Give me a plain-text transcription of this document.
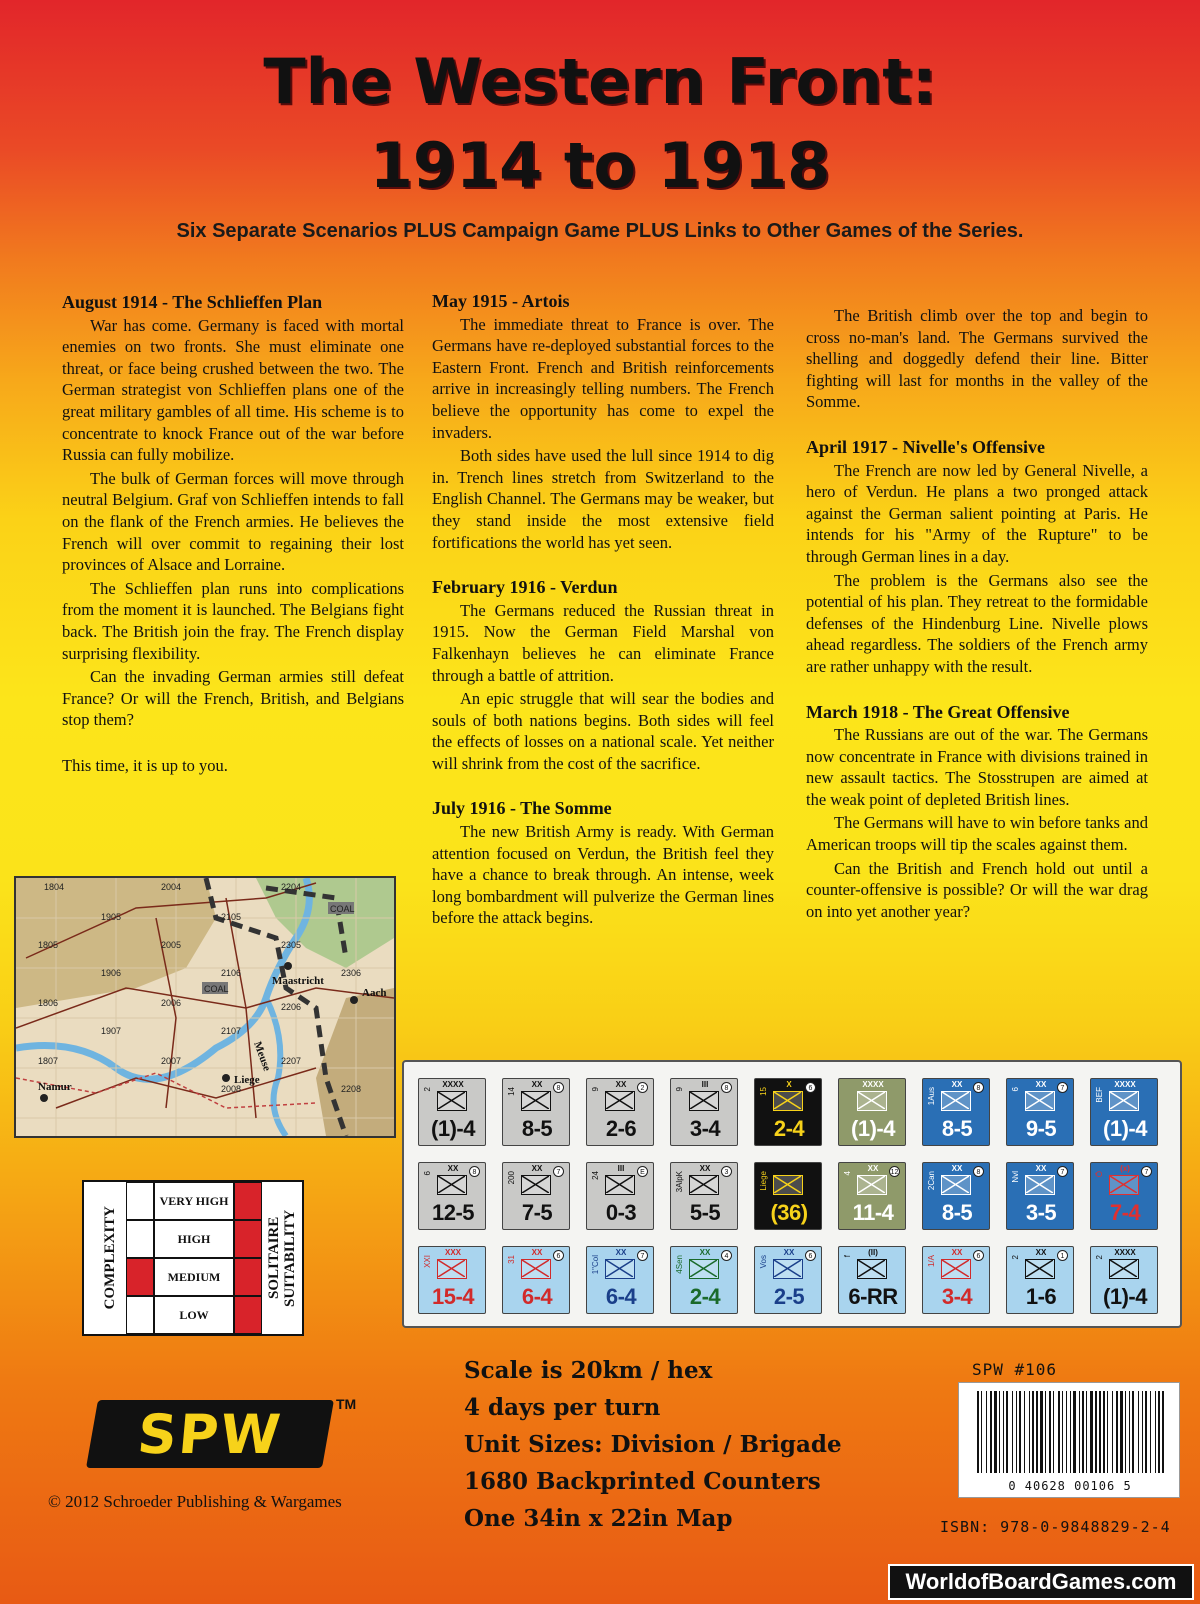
The Western Front:
1914 to 1918
Six Separate Scenarios PLUS Campaign Game PLUS Links to Other Games of the Series.
August 1914 - The Schlieffen Plan

War has come. Germany is faced with mortal enemies on two fronts. She must eliminate one threat, or face being crushed between the two. The German strategist von Schlieffen plans one of the great military gambles of all time. His scheme is to concentrate to knock France out of the war before Russia can fully mobilize.

The bulk of German forces will move through neutral Belgium. Graf von Schlieffen intends to fall on the flank of the French armies. He believes the French will over commit to regaining their lost provinces of Alsace and Lorraine.

The Schlieffen plan runs into complications from the moment it is launched. The Belgians fight back. The British join the fray. The French display surprising flexibility.

Can the invading German armies still defeat France? Or will the French, British, and Belgians stop them?

This time, it is up to you.

May 1915 - Artois

The immediate threat to France is over. The Germans have re-deployed substantial forces to the Eastern Front. French and British reinforcements arrive in increasingly telling numbers. The French believe the opportunity has come to expel the invaders.

Both sides have used the lull since 1914 to dig in. Trench lines stretch from Switzerland to the English Channel. The Germans may be weaker, but they stand inside the most extensive field fortifications the world has yet seen.

February 1916 - Verdun

The Germans reduced the Russian threat in 1915. Now the German Field Marshal von Falkenhayn believes he can eliminate France through a battle of attrition.

An epic struggle that will sear the bodies and souls of both nations begins. Both sides will feel the effects of losses on a national scale. Yet neither will shrink from the cost of the sacrifice.

July 1916 - The Somme

The new British Army is ready. With German attention focused on Verdun, the British feel they have a chance to break through. An intense, week long bombardment will pulverize the German lines before the attack begins.

The British climb over the top and begin to cross no-man's land. The Germans survived the shelling and doggedly defend their line. Bitter fighting will last for months in the valley of the Somme.

April 1917 - Nivelle's Offensive

The French are now led by General Nivelle, a hero of Verdun. He plans a two pronged attack against the German salient pointing at Paris. He intends for his "Army of the Rupture" to be through German lines in a day.

The problem is the Germans also see the potential of his plan. They retreat to the formidable defenses of the Hindenburg Line. Nivelle plows ahead regardless. The soldiers of the French army are rather unhappy with the result.

March 1918 - The Great Offensive

The Russians are out of the war. The Germans now concentrate in France with divisions trained in new assault tactics. The Stosstrupen are aimed at the weak point of depleted British lines.

The Germans will have to win before tanks and American troops will tip the scales against them.

Can the British and French hold out until a counter-offensive is possible? Or will the war drag on into yet another year?

1804	2004	2204
1905	2105
1805	2005	2305
1906	2106	2306
1806	2006	2206
1907	2107
1807	2007	2207
2008	2208
COAL
COAL
Maastricht
Aach
Namur
Liege
Meuse
XXXX
2
(1)-4
XX
14	8
8-5
XX
9	2
2-6
III
9	8
3-4
X
15	6
2-4
XXXX
(1)-4
XX
1Aus	8
8-5
XX
6	7
9-5
XXXX
BEF
(1)-4
XX
6	8
12-5
XX
200	7
7-5
III
24	E
0-3
XX
3AlpK	3
5-5
Liege
(36)
XX
4	12
11-4
XX
2Can	8
8-5
XX
Nvl	7
3-5
(x)
Ö	7
7-4
XXX
XXI
15-4
XX
31	6
6-4
XX
1"Col	7
6-4
XX
4Sen	4
2-4
XX
Vos	6
2-5
(II)
f
6-RR
XX
1/A	6
3-4
XX
2	1
1-6
XXXX
2
(1)-4
COMPLEXITY	SOLITAIRE SUITABILITY
VERY HIGH
HIGH
MEDIUM
LOW
SPW	TM
© 2012 Schroeder Publishing & Wargames
Scale is 20km / hex
4 days per turn
Unit Sizes: Division / Brigade
1680 Backprinted Counters
One 34in x 22in Map
SPW #106
0 40628 00106 5
ISBN: 978-0-9848829-2-4
WorldofBoardGames.com
